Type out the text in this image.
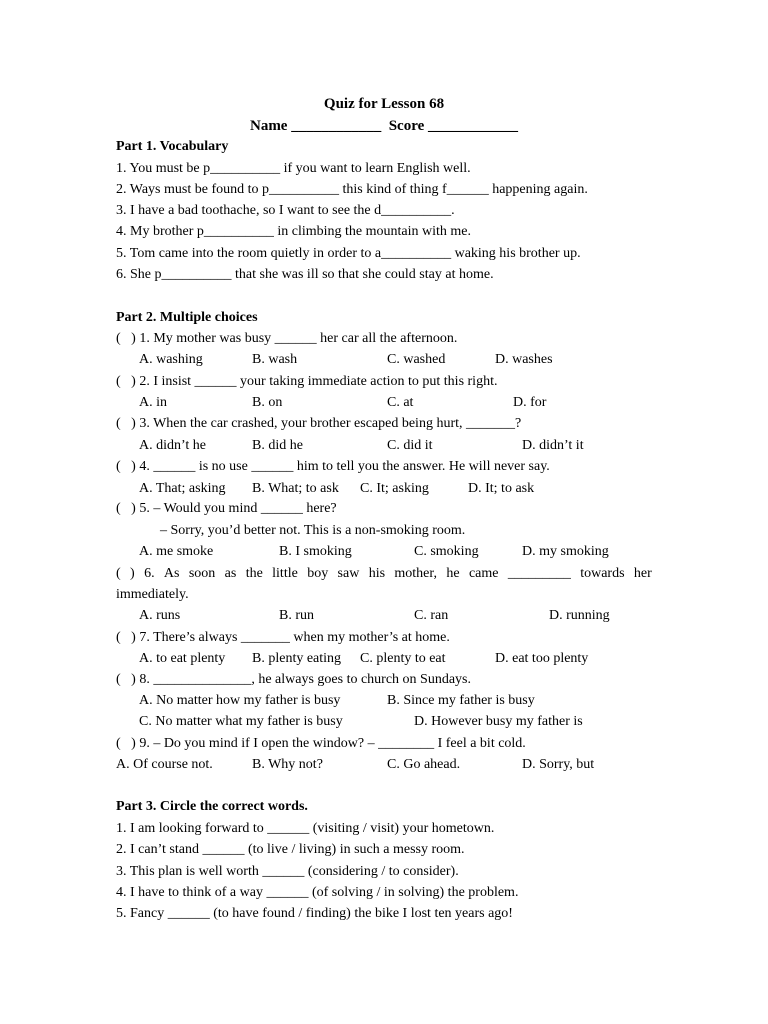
Quiz for Lesson 68
Name ____________  Score ____________
Part 1. Vocabulary
1. You must be p__________ if you want to learn English well.
2. Ways must be found to p__________ this kind of thing f______ happening again.
3. I have a bad toothache, so I want to see the d__________.
4. My brother p__________ in climbing the mountain with me.
5. Tom came into the room quietly in order to a__________ waking his brother up.
6. She p__________ that she was ill so that she could stay at home.
Part 2. Multiple choices
(   ) 1. My mother was busy ______ her car all the afternoon.
A. washing	B. wash	C. washed	D. washes
(   ) 2. I insist ______ your taking immediate action to put this right.
A. in	B. on	C. at	D. for
(   ) 3. When the car crashed, your brother escaped being hurt, _______?
A. didn’t he	B. did he	C. did it	D. didn’t it
(   ) 4. ______ is no use ______ him to tell you the answer. He will never say.
A. That; asking B. What; to ask C. It; asking	D. It; to ask
(   ) 5. – Would you mind ______ here?
– Sorry, you’d better not. This is a non-smoking room.
A. me smoke	B. I smoking	C. smoking	D. my smoking
( ) 6. As soon as the little boy saw his mother, he came _________ towards her
immediately.
A. runs	B. run	C. ran	D. running
(   ) 7. There’s always _______ when my mother’s at home.
A. to eat plenty B. plenty eating C. plenty to eat	D. eat too plenty
(   ) 8. ______________, he always goes to church on Sundays.
A. No matter how my father is busy	B. Since my father is busy
C. No matter what my father is busy	D. However busy my father is
(   ) 9. – Do you mind if I open the window? – ________ I feel a bit cold.
A. Of course not.	B. Why not?	C. Go ahead.	D. Sorry, but
Part 3. Circle the correct words.
1. I am looking forward to ______ (visiting / visit) your hometown.
2. I can’t stand ______ (to live / living) in such a messy room.
3. This plan is well worth ______ (considering / to consider).
4. I have to think of a way ______ (of solving / in solving) the problem.
5. Fancy ______ (to have found / finding) the bike I lost ten years ago!
